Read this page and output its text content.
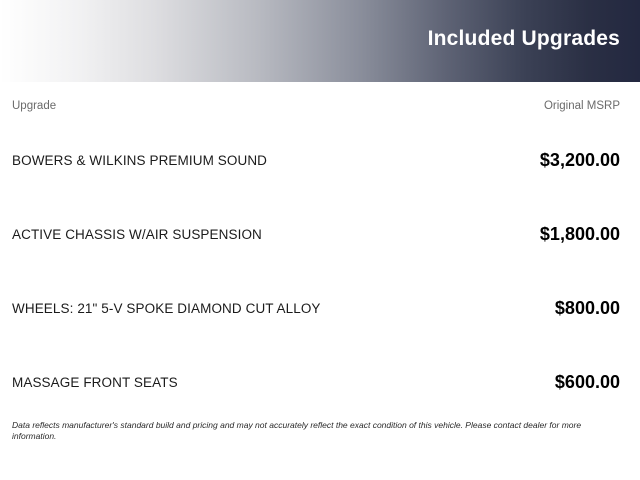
Included Upgrades
Upgrade	Original MSRP
BOWERS & WILKINS PREMIUM SOUND	$3,200.00
ACTIVE CHASSIS W/AIR SUSPENSION	$1,800.00
WHEELS: 21" 5-V SPOKE DIAMOND CUT ALLOY	$800.00
MASSAGE FRONT SEATS	$600.00
Data reflects manufacturer's standard build and pricing and may not accurately reflect the exact condition of this vehicle. Please contact dealer for more information.
